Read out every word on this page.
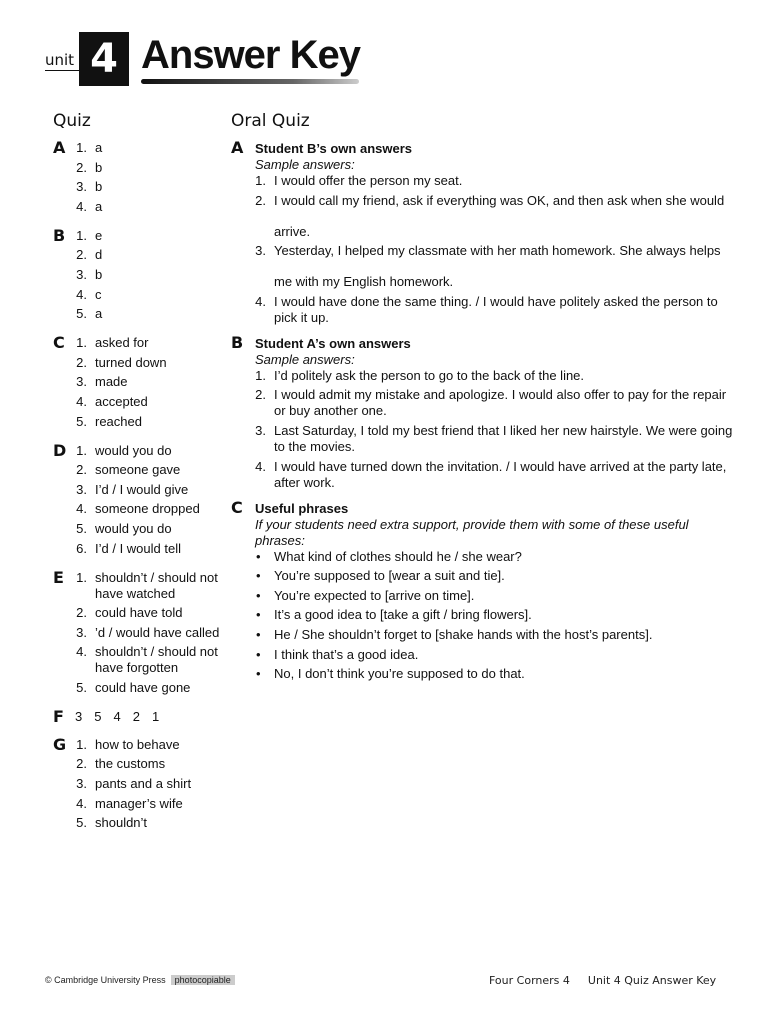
unit 4 Answer Key
Quiz	Oral Quiz
A 1. a
2. b
3. b
4. a
B 1. e
2. d
3. b
4. c
5. a
C 1. asked for
2. turned down
3. made
4. accepted
5. reached
D 1. would you do
2. someone gave
3. I’d / I would give
4. someone dropped
5. would you do
6. I’d / I would tell
E 1. shouldn’t / should not have watched
2. could have told
3. ’d / would have called
4. shouldn’t / should not have forgotten
5. could have gone
F 3 5 4 2 1
G 1. how to behave
2. the customs
3. pants and a shirt
4. manager’s wife
5. shouldn’t
A Student B’s own answers
Sample answers:
1. I would offer the person my seat.
2. I would call my friend, ask if everything was OK, and then ask when she would
arrive.
3. Yesterday, I helped my classmate with her math homework. She always helps
me with my English homework.
4. I would have done the same thing. / I would have politely asked the person to pick it up.
B Student A’s own answers
Sample answers:
1. I’d politely ask the person to go to the back of the line.
2. I would admit my mistake and apologize. I would also offer to pay for the repair or buy another one.
3. Last Saturday, I told my best friend that I liked her new hairstyle. We were going to the movies.
4. I would have turned down the invitation. / I would have arrived at the party late, after work.
C Useful phrases
If your students need extra support, provide them with some of these useful phrases:
• What kind of clothes should he / she wear?
• You’re supposed to [wear a suit and tie].
• You’re expected to [arrive on time].
• It’s a good idea to [take a gift / bring flowers].
• He / She shouldn’t forget to [shake hands with the host’s parents].
• I think that’s a good idea.
• No, I don’t think you’re supposed to do that.
© Cambridge University Press photocopiable	Four Corners 4 Unit 4 Quiz Answer Key
